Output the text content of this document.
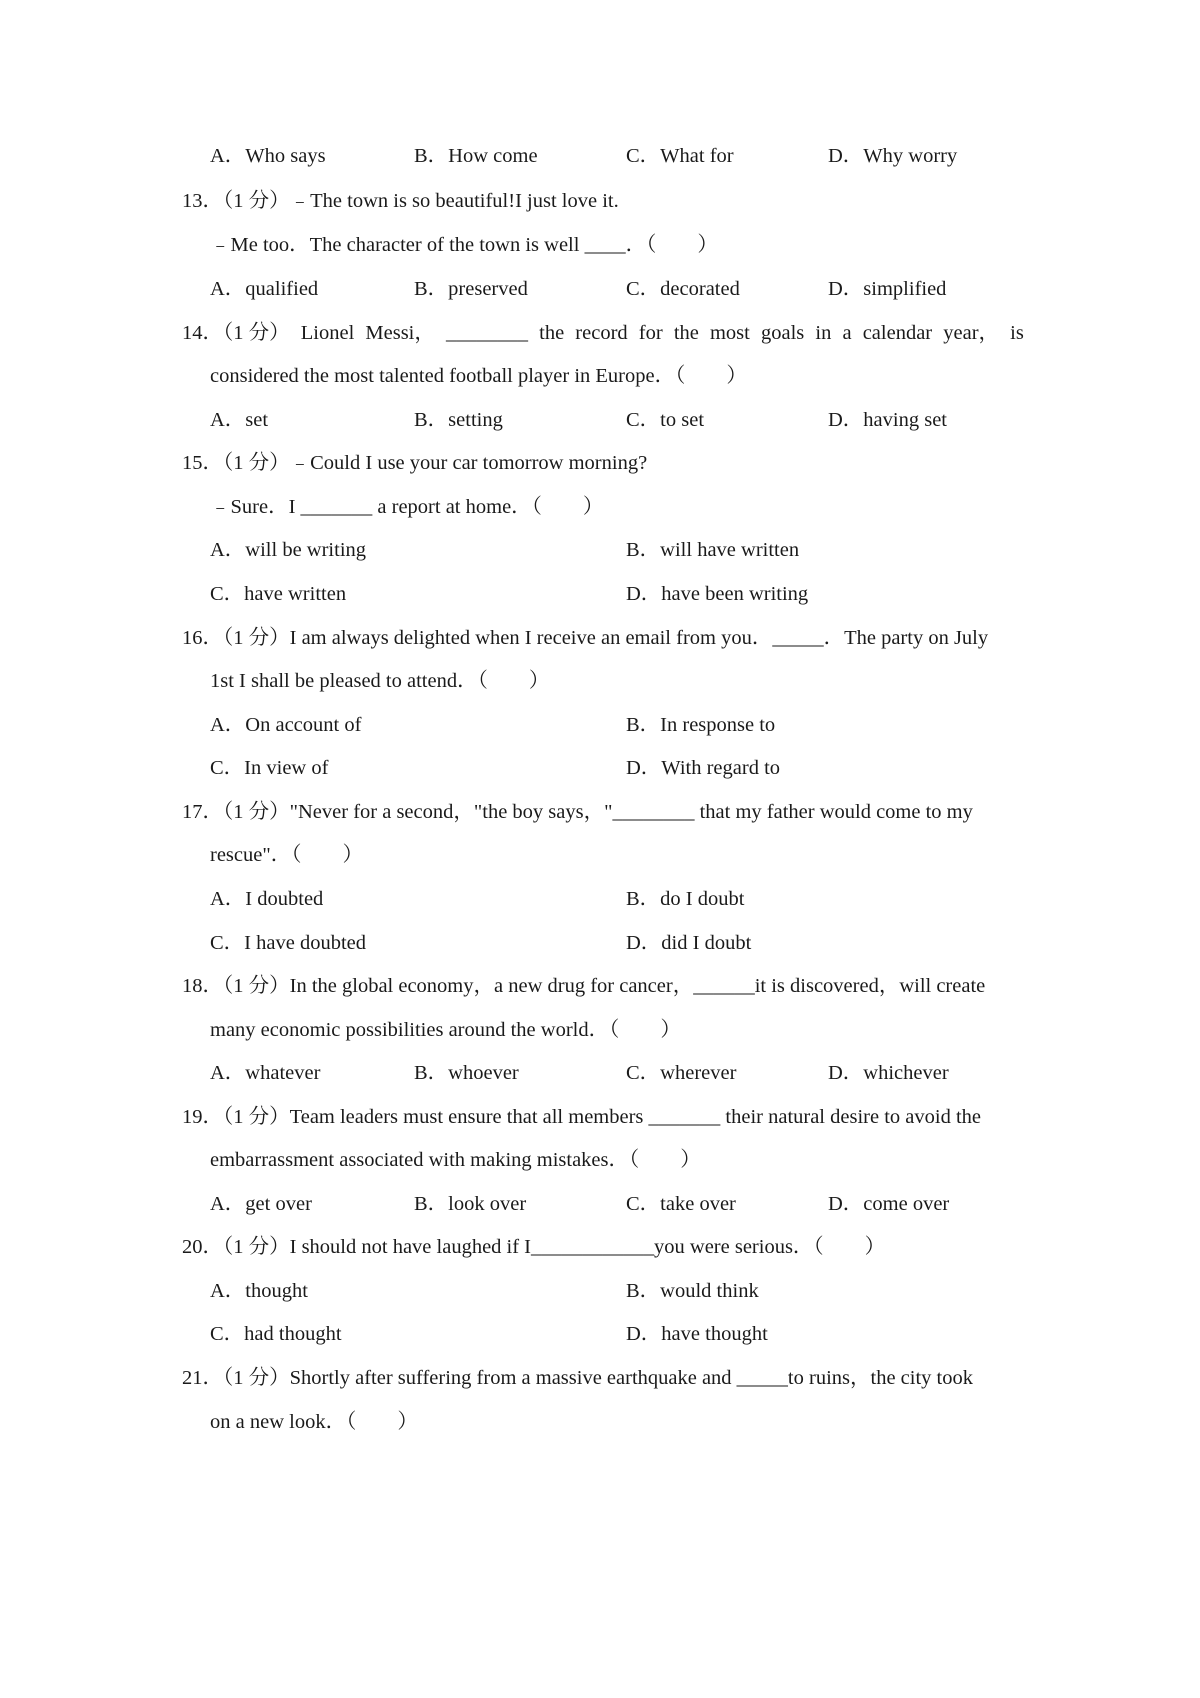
A．Who says	B．How come	C．What for	D．Why worry
13．（1 分）﹣The town is so beautiful!I just love it.
﹣Me too．The character of the town is well ____．（　　）
A．qualified	B．preserved	C．decorated	D．simplified
14．（1 分） Lionel Messi， ________ the record for the most goals in a calendar year， is
considered the most talented football player in Europe．（　　）
A．set	B．setting	C．to set	D．having set
15．（1 分）﹣Could I use your car tomorrow morning?
﹣Sure．I _______ a report at home．（　　）
A．will be writing	B．will have written
C．have written	D．have been writing
16．（1 分）I am always delighted when I receive an email from you．_____．The party on July
1st I shall be pleased to attend．（　　）
A．On account of	B．In response to
C．In view of	D．With regard to
17．（1 分）"Never for a second，"the boy says，"________ that my father would come to my
rescue"．（　　）
A．I doubted	B．do I doubt
C．I have doubted	D．did I doubt
18．（1 分）In the global economy，a new drug for cancer，______it is discovered，will create
many economic possibilities around the world．（　　）
A．whatever	B．whoever	C．wherever	D．whichever
19．（1 分）Team leaders must ensure that all members _______ their natural desire to avoid the
embarrassment associated with making mistakes．（　　）
A．get over	B．look over	C．take over	D．come over
20．（1 分）I should not have laughed if I____________you were serious．（　　）
A．thought	B．would think
C．had thought	D．have thought
21．（1 分）Shortly after suffering from a massive earthquake and _____to ruins，the city took
on a new look．（　　）
